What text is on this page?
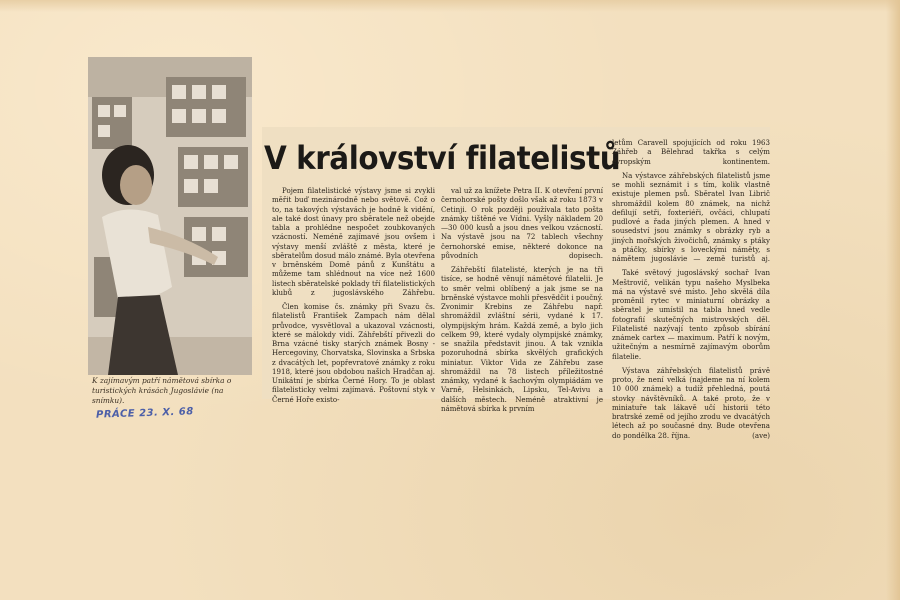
K zajímavým patří námětová sbírka o turistických krásách Jugoslávie (na snímku).
V království filatelistů

Pojem filatelistické výstavy jsme si zvykli měřit buď mezinárodně nebo světově. Což o to, na takových výstavách je hodně k vidění, ale také dost únavy pro sběratele než obejde tabla a prohlédne nespočet zoubkovaných vzácností. Neméně zajímavé jsou ovšem i výstavy menší zvláště z města, které je sběratelům dosud málo známé. Byla otevřena v brněnském Domě pánů z Kunštátu a můžeme tam shlédnout na více než 1600 listech sběratelské poklady tří filatelistických klubů z jugoslávského Záhřebu.

Člen komise čs. známky při Svazu čs. filatelistů František Zampach nám dělal průvodce, vysvětloval a ukazoval vzácnosti, které se málokdy vidí. Záhřebští přivezli do Brna vzácné tisky starých známek Bosny - Hercegoviny, Chorvatska, Slovinska a Srbska z dvacátých let, popřevratové známky z roku 1918, které jsou obdobou našich Hradčan aj. Unikátní je sbírka Černé Hory. To je oblast filatelisticky velmi zajímavá. Poštovní styk v Černé Hoře existo-

val už za knížete Petra II. K otevření první černohorské pošty došlo však až roku 1873 v Cetinji. O rok později používala tato pošta známky tištěné ve Vídni. Vyšly nákladem 20—30 000 kusů a jsou dnes velkou vzácností. Na výstavě jsou na 72 tablech všechny černohorské emise, některé dokonce na původních dopisech.

Záhřebští filatelisté, kterých je na tři tisíce, se hodně věnují námětové filatelii. Je to směr velmi oblíbený a jak jsme se na brněnské výstavce mohli přesvědčit i poučný. Zvonimir Krebins ze Záhřebu např. shromáždil zvláštní sérii, vydané k 17. olympijským hrám. Každá země, a bylo jich celkem 99, které vydaly olympijské známky, se snažila představit jinou. A tak vznikla pozoruhodná sbírka skvělých grafických miniatur. Viktor Vida ze Záhřebu zase shromáždil na 78 listech příležitostné známky, vydané k šachovým olympiádám ve Varně, Helsinkách, Lipsku, Tel-Avivu a dalších městech. Neméně atraktivní je námětová sbírka k prvním

letům Caravell spojujících od roku 1963 Záhřeb a Bělehrad takřka s celým evropským kontinentem.

Na výstavce záhřebských filatelistů jsme se mohli seznámit i s tím, kolik vlastně existuje plemen psů. Sběratel Ivan Librič shromáždil kolem 80 známek, na nichž defilují setři, foxteriéři, ovčáci, chlupatí pudlové a řada jiných plemen. A hned v sousedství jsou známky s obrázky ryb a jiných mořských živočichů, známky s ptáky a ptáčky, sbírky s loveckými náměty, s námětem jugoslávie — země turistů aj.

Také světový jugoslávský sochař Ivan Meštrovič, velikán typu našeho Myslbeka má na výstavě své místo. Jeho skvělá díla proměnil rytec v miniaturní obrázky a sběratel je umístil na tabla hned vedle fotografií skutečných mistrovských děl. Filatelisté nazývají tento způsob sbírání známek cartex — maximum. Patří k novým, užitečným a nesmírně zajímavým oborům filatelie.

Výstava záhřebských filatelistů právě proto, že není velká (najdeme na ní kolem 10 000 známek) a tudíž přehledná, poutá stovky návštěvníků. A také proto, že v miniatuře tak lákavě učí historii této bratrské země od jejího zrodu ve dvacátých létech až po současné dny. Bude otevřena do pondělka 28. října.	(ave)
PRÁCE 23. X. 68
